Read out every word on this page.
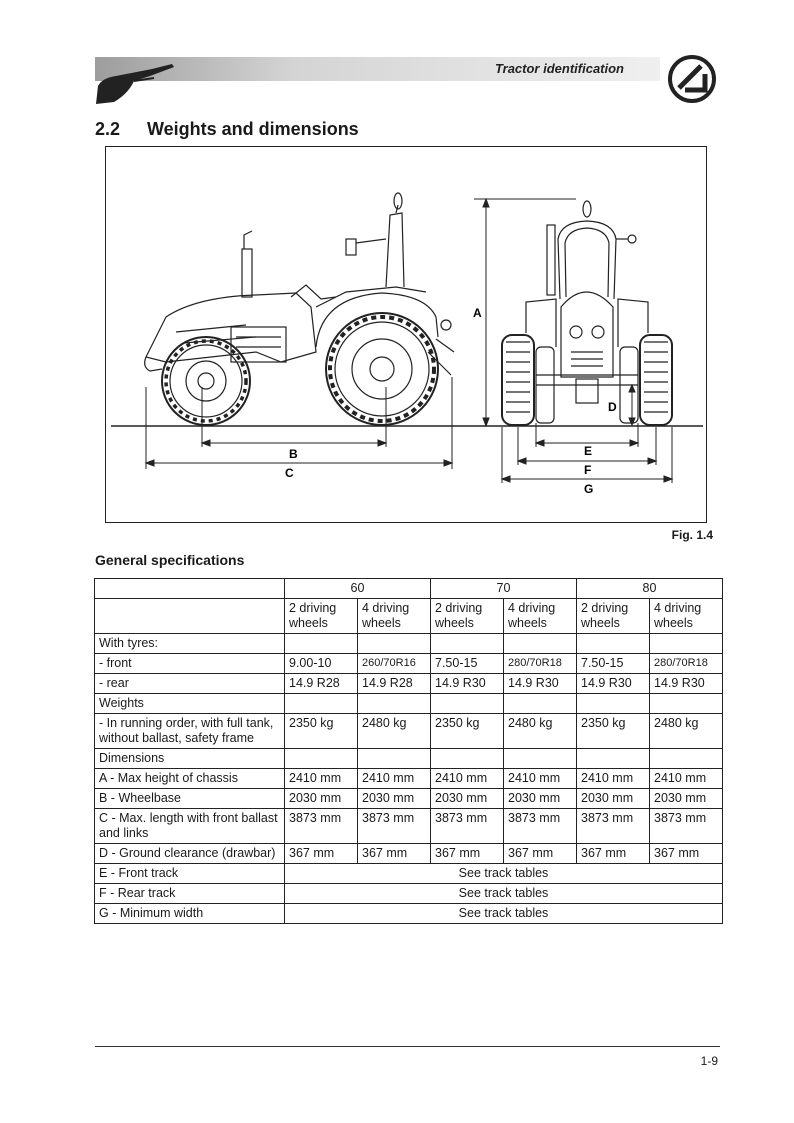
Tractor identification
2.2 Weights and dimensions
B
C
A
D
E
F
G
Fig. 1.4
General specifications
	60		70		80	
	2 driving wheels	4 driving wheels	2 driving wheels	4 driving wheels	2 driving wheels	4 driving wheels
With tyres:						
- front	9.00-10	260/70R16	7.50-15	280/70R18	7.50-15	280/70R18
- rear	14.9 R28	14.9 R28	14.9 R30	14.9 R30	14.9 R30	14.9 R30
Weights						
- In running order, with full tank, without ballast, safety frame	2350 kg	2480 kg	2350 kg	2480 kg	2350 kg	2480 kg
Dimensions						
A - Max height of chassis	2410 mm	2410 mm	2410 mm	2410 mm	2410 mm	2410 mm
B - Wheelbase	2030 mm	2030 mm	2030 mm	2030 mm	2030 mm	2030 mm
C - Max. length with front ballast and links	3873 mm	3873 mm	3873 mm	3873 mm	3873 mm	3873 mm
D - Ground clearance (drawbar)	367 mm	367 mm	367 mm	367 mm	367 mm	367 mm
E - Front track	See track tables					
F - Rear track	See track tables					
G - Minimum width	See track tables					
1-9
